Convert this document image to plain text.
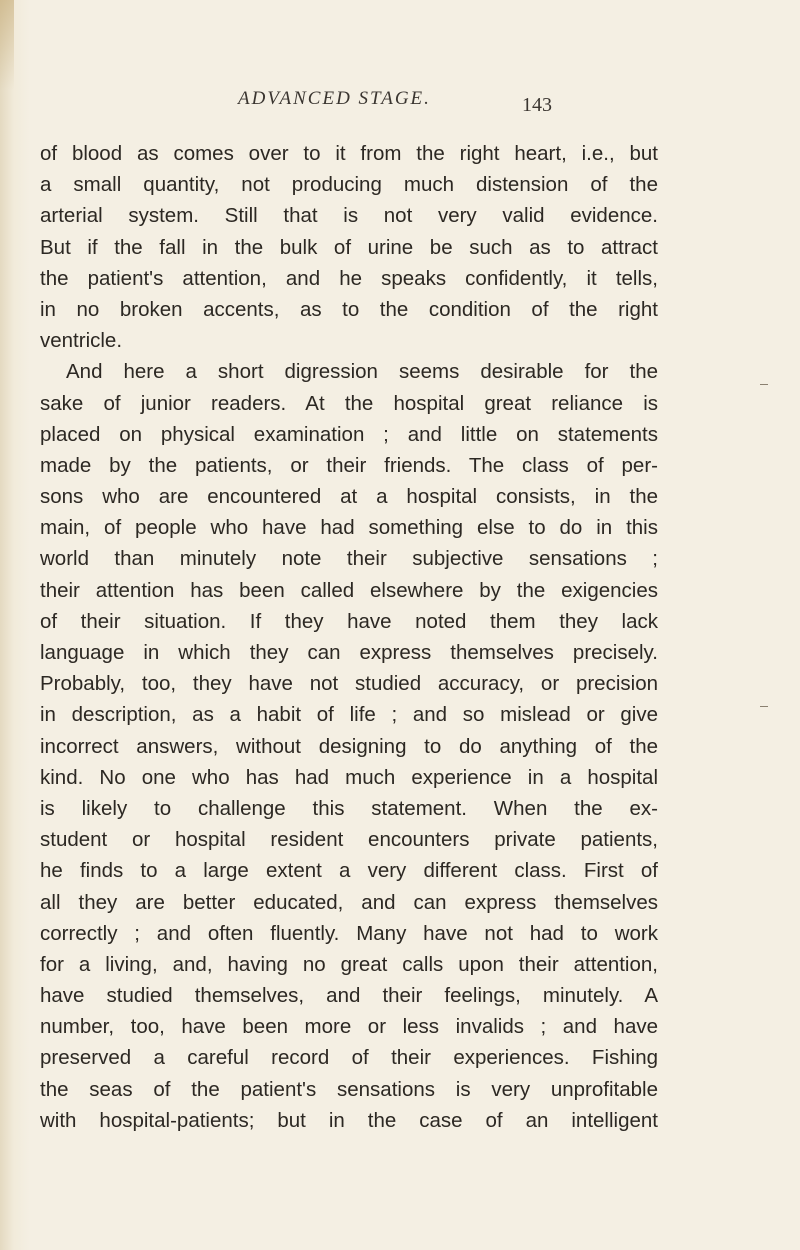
ADVANCED STAGE.	143
of blood as comes over to it from the right heart, i.e., but
a small quantity, not producing much distension of the
arterial system. Still that is not very valid evidence.
But if the fall in the bulk of urine be such as to attract
the patient's attention, and he speaks confidently, it tells,
in no broken accents, as to the condition of the right
ventricle.
And here a short digression seems desirable for the
sake of junior readers. At the hospital great reliance is
placed on physical examination ; and little on statements
made by the patients, or their friends. The class of per-
sons who are encountered at a hospital consists, in the
main, of people who have had something else to do in this
world than minutely note their subjective sensations ;
their attention has been called elsewhere by the exigencies
of their situation. If they have noted them they lack
language in which they can express themselves precisely.
Probably, too, they have not studied accuracy, or precision
in description, as a habit of life ; and so mislead or give
incorrect answers, without designing to do anything of the
kind. No one who has had much experience in a hospital
is likely to challenge this statement. When the ex-
student or hospital resident encounters private patients,
he finds to a large extent a very different class. First of
all they are better educated, and can express themselves
correctly ; and often fluently. Many have not had to work
for a living, and, having no great calls upon their attention,
have studied themselves, and their feelings, minutely. A
number, too, have been more or less invalids ; and have
preserved a careful record of their experiences. Fishing
the seas of the patient's sensations is very unprofitable
with hospital-patients; but in the case of an intelligent
